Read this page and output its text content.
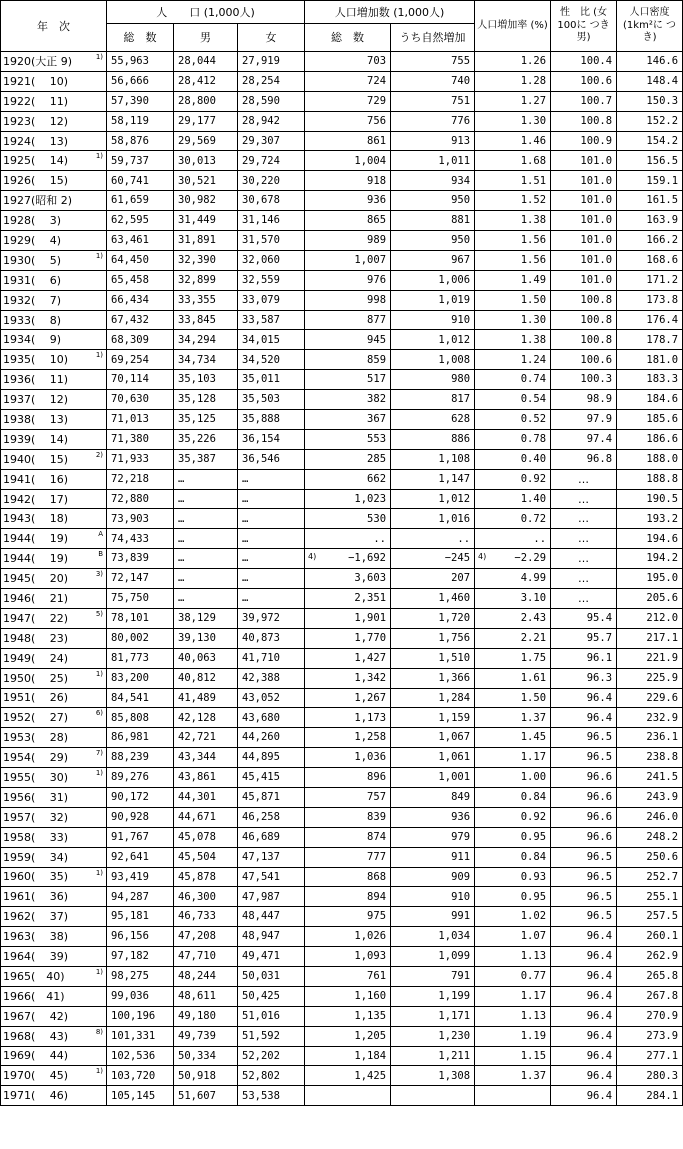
年　次	人　　口 (1,000人)			人口増加数 (1,000人)		人口増加率 (%)	性　比 (女100に つき 男)	人口密度 (1km²に つき)
	総　数	男	女	総　数	うち自然増加			
1920(大正 9) 1)	55,963	28,044	27,919	703	755	1.26	100.4	146.6
1921(　 10)	56,666	28,412	28,254	724	740	1.28	100.6	148.4
1922(　 11)	57,390	28,800	28,590	729	751	1.27	100.7	150.3
1923(　 12)	58,119	29,177	28,942	756	776	1.30	100.8	152.2
1924(　 13)	58,876	29,569	29,307	861	913	1.46	100.9	154.2
1925(　 14) 1)	59,737	30,013	29,724	1,004	1,011	1.68	101.0	156.5
1926(　 15)	60,741	30,521	30,220	918	934	1.51	101.0	159.1
1927(昭和 2)	61,659	30,982	30,678	936	950	1.52	101.0	161.5
1928(　 3)	62,595	31,449	31,146	865	881	1.38	101.0	163.9
1929(　 4)	63,461	31,891	31,570	989	950	1.56	101.0	166.2
1930(　 5) 1)	64,450	32,390	32,060	1,007	967	1.56	101.0	168.6
1931(　 6)	65,458	32,899	32,559	976	1,006	1.49	101.0	171.2
1932(　 7)	66,434	33,355	33,079	998	1,019	1.50	100.8	173.8
1933(　 8)	67,432	33,845	33,587	877	910	1.30	100.8	176.4
1934(　 9)	68,309	34,294	34,015	945	1,012	1.38	100.8	178.7
1935(　 10) 1)	69,254	34,734	34,520	859	1,008	1.24	100.6	181.0
1936(　 11)	70,114	35,103	35,011	517	980	0.74	100.3	183.3
1937(　 12)	70,630	35,128	35,503	382	817	0.54	98.9	184.6
1938(　 13)	71,013	35,125	35,888	367	628	0.52	97.9	185.6
1939(　 14)	71,380	35,226	36,154	553	886	0.78	97.4	186.6
1940(　 15) 2)	71,933	35,387	36,546	285	1,108	0.40	96.8	188.0
1941(　 16)	72,218	…	…	662	1,147	0.92	…	188.8
1942(　 17)	72,880	…	…	1,023	1,012	1.40	…	190.5
1943(　 18)	73,903	…	…	530	1,016	0.72	…	193.2
1944(　 19) A	74,433	…	…	..	..	..	…	194.6
1944(　 19) B	73,839	…	…	4) −1,692	−245	4) −2.29	…	194.2
1945(　 20) 3)	72,147	…	…	3,603	207	4.99	…	195.0
1946(　 21)	75,750	…	…	2,351	1,460	3.10	…	205.6
1947(　 22) 5)	78,101	38,129	39,972	1,901	1,720	2.43	95.4	212.0
1948(　 23)	80,002	39,130	40,873	1,770	1,756	2.21	95.7	217.1
1949(　 24)	81,773	40,063	41,710	1,427	1,510	1.75	96.1	221.9
1950(　 25) 1)	83,200	40,812	42,388	1,342	1,366	1.61	96.3	225.9
1951(　 26)	84,541	41,489	43,052	1,267	1,284	1.50	96.4	229.6
1952(　 27) 6)	85,808	42,128	43,680	1,173	1,159	1.37	96.4	232.9
1953(　 28)	86,981	42,721	44,260	1,258	1,067	1.45	96.5	236.1
1954(　 29) 7)	88,239	43,344	44,895	1,036	1,061	1.17	96.5	238.8
1955(　 30) 1)	89,276	43,861	45,415	896	1,001	1.00	96.6	241.5
1956(　 31)	90,172	44,301	45,871	757	849	0.84	96.6	243.9
1957(　 32)	90,928	44,671	46,258	839	936	0.92	96.6	246.0
1958(　 33)	91,767	45,078	46,689	874	979	0.95	96.6	248.2
1959(　 34)	92,641	45,504	47,137	777	911	0.84	96.5	250.6
1960(　 35) 1)	93,419	45,878	47,541	868	909	0.93	96.5	252.7
1961(　 36)	94,287	46,300	47,987	894	910	0.95	96.5	255.1
1962(　 37)	95,181	46,733	48,447	975	991	1.02	96.5	257.5
1963(　 38)	96,156	47,208	48,947	1,026	1,034	1.07	96.4	260.1
1964(　 39)	97,182	47,710	49,471	1,093	1,099	1.13	96.4	262.9
1965(　40) 1)	98,275	48,244	50,031	761	791	0.77	96.4	265.8
1966(　41)	99,036	48,611	50,425	1,160	1,199	1.17	96.4	267.8
1967(　 42)	100,196	49,180	51,016	1,135	1,171	1.13	96.4	270.9
1968(　 43) 8)	101,331	49,739	51,592	1,205	1,230	1.19	96.4	273.9
1969(　 44)	102,536	50,334	52,202	1,184	1,211	1.15	96.4	277.1
1970(　 45) 1)	103,720	50,918	52,802	1,425	1,308	1.37	96.4	280.3
1971(　 46)	105,145	51,607	53,538				96.4	284.1
